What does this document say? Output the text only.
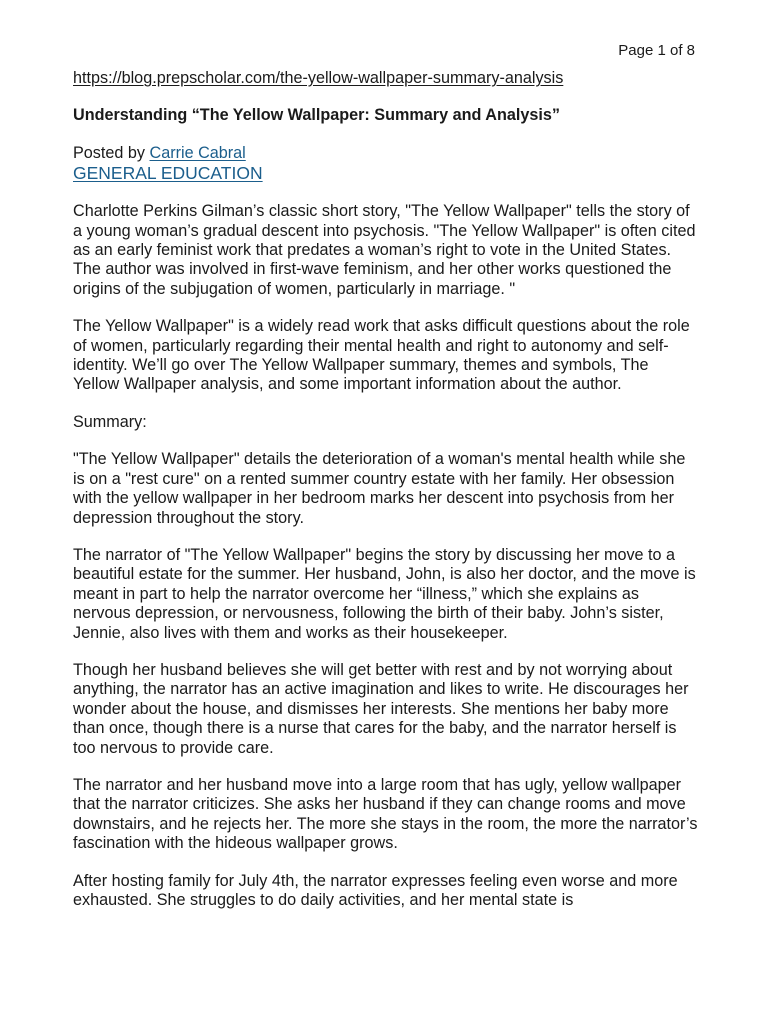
Page 1 of 8
https://blog.prepscholar.com/the-yellow-wallpaper-summary-analysis
Understanding “The Yellow Wallpaper: Summary and Analysis”
Posted by Carrie Cabral
GENERAL EDUCATION

Charlotte Perkins Gilman’s classic short story, "The Yellow Wallpaper" tells the story of a young woman’s gradual descent into psychosis. "The Yellow Wallpaper" is often cited as an early feminist work that predates a woman’s right to vote in the United States. The author was involved in first-wave feminism, and her other works questioned the origins of the subjugation of women, particularly in marriage. "

The Yellow Wallpaper" is a widely read work that asks difficult questions about the role of women, particularly regarding their mental health and right to autonomy and self-identity. We’ll go over The Yellow Wallpaper summary, themes and symbols, The Yellow Wallpaper analysis, and some important information about the author.

Summary:

"The Yellow Wallpaper" details the deterioration of a woman's mental health while she is on a "rest cure" on a rented summer country estate with her family. Her obsession with the yellow wallpaper in her bedroom marks her descent into psychosis from her depression throughout the story.

The narrator of "The Yellow Wallpaper" begins the story by discussing her move to a beautiful estate for the summer. Her husband, John, is also her doctor, and the move is meant in part to help the narrator overcome her “illness,” which she explains as nervous depression, or nervousness, following the birth of their baby. John’s sister, Jennie, also lives with them and works as their housekeeper.

Though her husband believes she will get better with rest and by not worrying about anything, the narrator has an active imagination and likes to write. He discourages her wonder about the house, and dismisses her interests. She mentions her baby more than once, though there is a nurse that cares for the baby, and the narrator herself is too nervous to provide care.

The narrator and her husband move into a large room that has ugly, yellow wallpaper that the narrator criticizes. She asks her husband if they can change rooms and move downstairs, and he rejects her. The more she stays in the room, the more the narrator’s fascination with the hideous wallpaper grows.

After hosting family for July 4th, the narrator expresses feeling even worse and more exhausted. She struggles to do daily activities, and her mental state is
